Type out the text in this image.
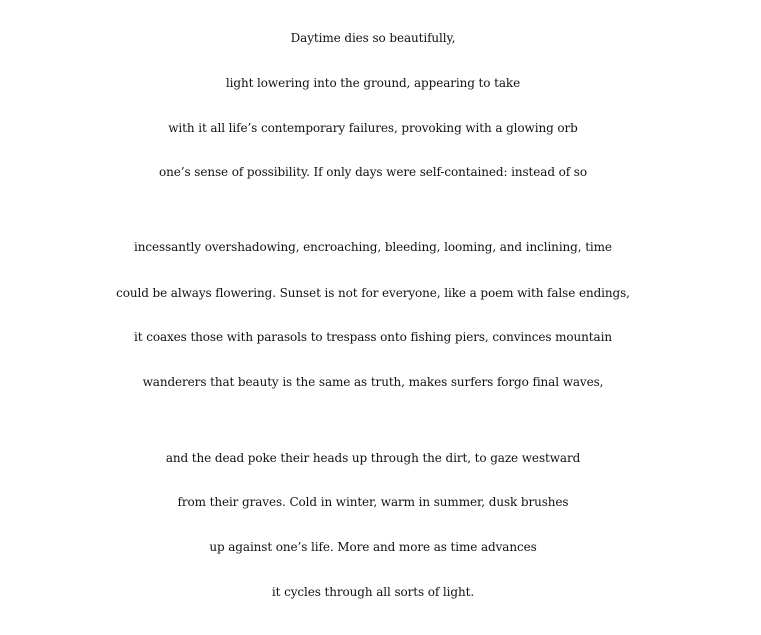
Daytime dies so beautifully,
light lowering into the ground, appearing to take
with it all life’s contemporary failures, provoking with a glowing orb
one’s sense of possibility. If only days were self-contained: instead of so
incessantly overshadowing, encroaching, bleeding, looming, and inclining, time
could be always flowering. Sunset is not for everyone, like a poem with false endings,
it coaxes those with parasols to trespass onto fishing piers, convinces mountain
wanderers that beauty is the same as truth, makes surfers forgo final waves,
and the dead poke their heads up through the dirt, to gaze westward
from their graves. Cold in winter, warm in summer, dusk brushes
up against one’s life. More and more as time advances
it cycles through all sorts of light.
